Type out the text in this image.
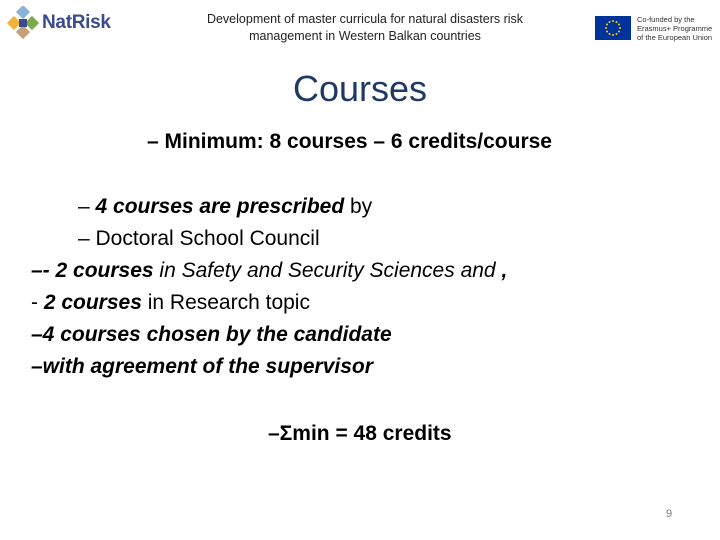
NatRisk	Development of master curricula for natural disasters risk
management in Western Balkan countries
Co-funded by the
Erasmus+ Programme
of the European Union
Courses
– Minimum: 8 courses – 6 credits/course
– 4 courses are prescribed by
– Doctoral School Council
–- 2 courses in Safety and Security Sciences and ,
- 2 courses in Research topic
–4 courses chosen by the candidate
–with agreement of the supervisor
–Σmin = 48 credits
9
